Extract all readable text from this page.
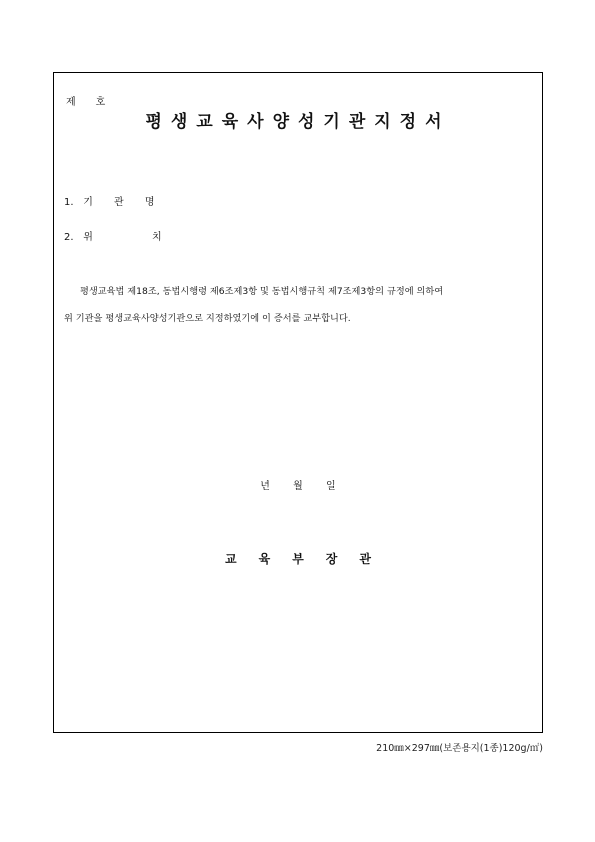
제 호
평생교육사양성기관지정서
1. 기 관 명
2. 위 치
평생교육법 제18조, 동법시행령 제6조제3항 및 동법시행규칙 제7조제3항의 규정에 의하여
위 기관을 평생교육사양성기관으로 지정하였기에 이 증서를 교부합니다.
년 월 일
교육부장관
210㎜×297㎜(보존용지(1종)120g/㎡)
